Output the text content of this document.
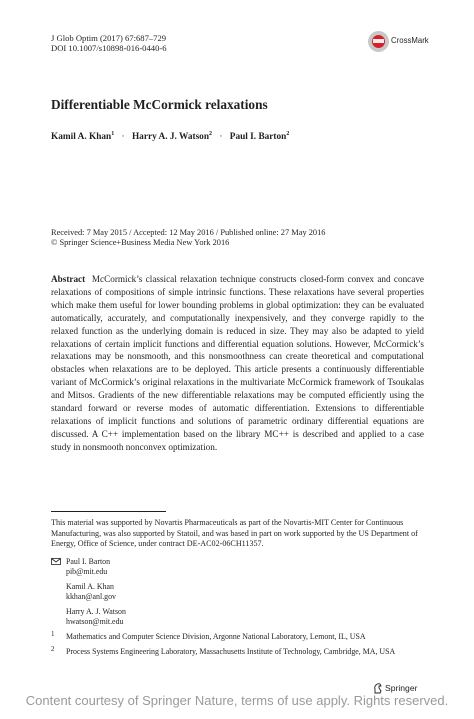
J Glob Optim (2017) 67:687–729
DOI 10.1007/s10898-016-0440-6
CrossMark
Differentiable McCormick relaxations
Kamil A. Khan$^1$ · Harry A. J. Watson$^2$ · Paul I. Barton$^2$
Received: 7 May 2015 / Accepted: 12 May 2016 / Published online: 27 May 2016
© Springer Science+Business Media New York 2016
Abstract McCormick’s classical relaxation technique constructs closed-form convex and concave relaxations of compositions of simple intrinsic functions. These relaxations have several properties which make them useful for lower bounding problems in global optimization: they can be evaluated automatically, accurately, and computationally inexpensively, and they converge rapidly to the relaxed function as the underlying domain is reduced in size. They may also be adapted to yield relaxations of certain implicit functions and differential equation solutions. However, McCormick’s relaxations may be nonsmooth, and this nonsmoothness can create theoretical and computational obstacles when relaxations are to be deployed. This article presents a continuously differentiable variant of McCormick’s original relaxations in the multivariate McCormick framework of Tsoukalas and Mitsos. Gradients of the new differentiable relaxations may be computed efficiently using the standard forward or reverse modes of automatic differentiation. Extensions to differentiable relaxations of implicit functions and solutions of parametric ordinary differential equations are discussed. A C++ implementation based on the library MC++ is described and applied to a case study in nonsmooth nonconvex optimization.
This material was supported by Novartis Pharmaceuticals as part of the Novartis-MIT Center for Continuous Manufacturing, was also supported by Statoil, and was based in part on work supported by the US Department of Energy, Office of Science, under contract DE-AC02-06CH11357.
Paul I. Barton
pib@mit.edu
Kamil A. Khan
kkhan@anl.gov
Harry A. J. Watson
hwatson@mit.edu
1 Mathematics and Computer Science Division, Argonne National Laboratory, Lemont, IL, USA
2 Process Systems Engineering Laboratory, Massachusetts Institute of Technology, Cambridge, MA, USA
Springer
Content courtesy of Springer Nature, terms of use apply. Rights reserved.
